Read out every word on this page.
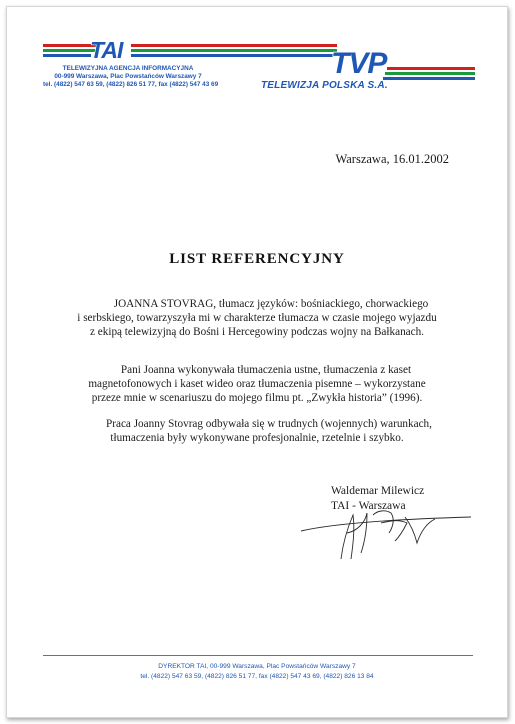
TAI	TVP
TELEWIZYJNA AGENCJA INFORMACYJNA
00-999 Warszawa, Plac Powstańców Warszawy 7
tel. (4822) 547 63 59, (4822) 826 51 77, fax (4822) 547 43 69	TELEWIZJA POLSKA S.A.
Warszawa, 16.01.2002
LIST REFERENCYJNY
JOANNA STOVRAG, tłumacz języków: bośniackiego, chorwackiego
i serbskiego, towarzyszyła mi w charakterze tłumacza w czasie mojego wyjazdu
z ekipą telewizyjną do Bośni i Hercegowiny podczas wojny na Bałkanach.
Pani Joanna wykonywała tłumaczenia ustne, tłumaczenia z kaset
magnetofonowych i kaset wideo oraz tłumaczenia pisemne – wykorzystane
przeze mnie w scenariuszu do mojego filmu pt. „Zwykła historia” (1996).
Praca Joanny Stovrag odbywała się w trudnych (wojennych) warunkach,
tłumaczenia były wykonywane profesjonalnie, rzetelnie i szybko.
Waldemar Milewicz
TAI - Warszawa
DYREKTOR TAI, 00-999 Warszawa, Plac Powstańców Warszawy 7
tel. (4822) 547 63 59, (4822) 826 51 77, fax (4822) 547 43 69, (4822) 826 13 84
